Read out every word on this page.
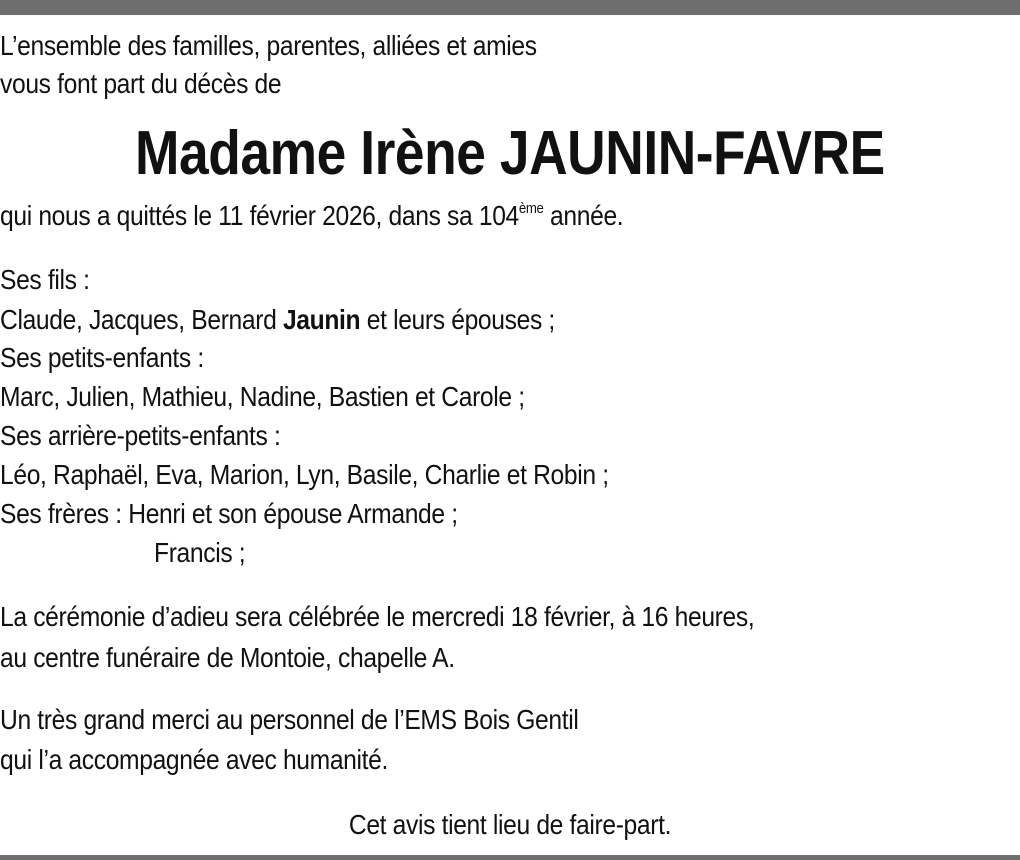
L’ensemble des familles, parentes, alliées et amies
vous font part du décès de
Madame Irène JAUNIN-FAVRE
qui nous a quittés le 11 février 2026, dans sa 104ème année.
Ses fils :
Claude, Jacques, Bernard Jaunin et leurs épouses ;
Ses petits-enfants :
Marc, Julien, Mathieu, Nadine, Bastien et Carole ;
Ses arrière-petits-enfants :
Léo, Raphaël, Eva, Marion, Lyn, Basile, Charlie et Robin ;
Ses frères : Henri et son épouse Armande ;
Francis ;
La cérémonie d’adieu sera célébrée le mercredi 18 février, à 16 heures,
au centre funéraire de Montoie, chapelle A.
Un très grand merci au personnel de l’EMS Bois Gentil
qui l’a accompagnée avec humanité.
Cet avis tient lieu de faire-part.
